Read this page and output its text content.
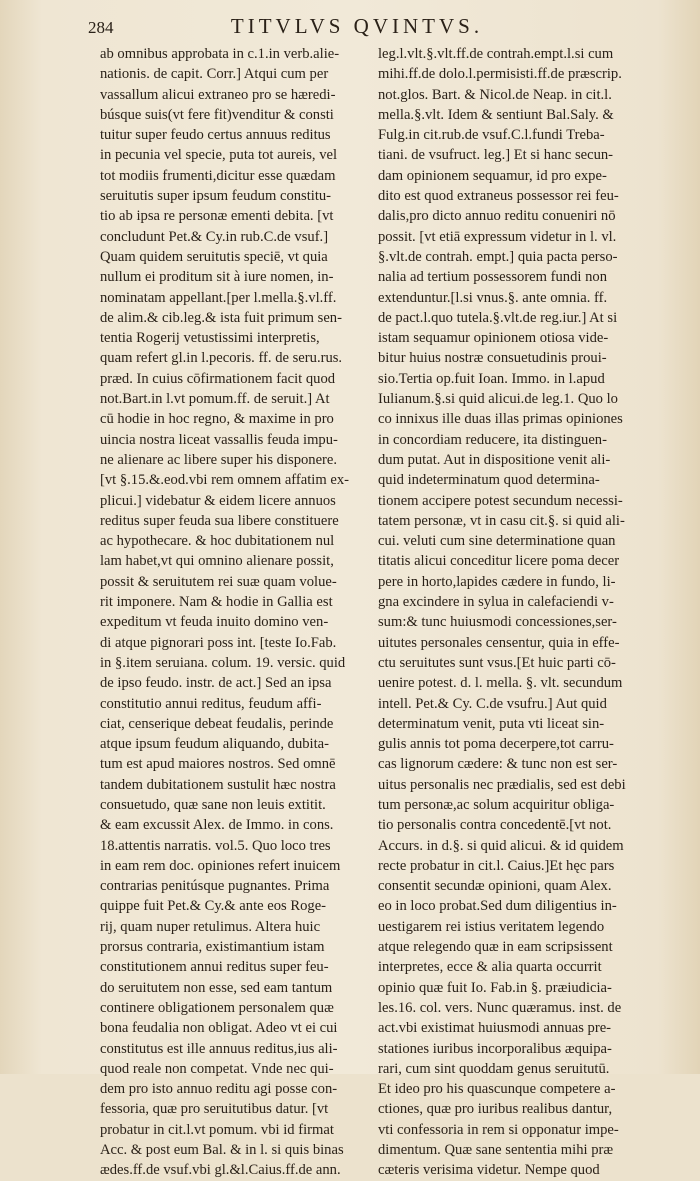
284	TITVLVS QVINTVS.
ab omnibus approbata in c.1.in verb.alie-
nationis. de capit. Corr.] Atqui cum per
vassallum alicui extraneo pro se hæredi-
búsque suis(vt fere fit)venditur & consti
tuitur super feudo certus annuus reditus
in pecunia vel specie, puta tot aureis, vel
tot modiis frumenti,dicitur esse quædam
seruitutis super ipsum feudum constitu-
tio ab ipsa re personæ ementi debita. [vt
concludunt Pet.& Cy.in rub.C.de vsuf.]
Quam quidem seruitutis speciē, vt quia
nullum ei proditum sit à iure nomen, in-
nominatam appellant.[per l.mella.§.vl.ff.
de alim.& cib.leg.& ista fuit primum sen-
tentia Rogerij vetustissimi interpretis,
quam refert gl.in l.pecoris. ff. de seru.rus.
præd. In cuius cōfirmationem facit quod
not.Bart.in l.vt pomum.ff. de seruit.] At
cū hodie in hoc regno, & maxime in pro
uincia nostra liceat vassallis feuda impu-
ne alienare ac libere super his disponere.
[vt §.15.&.eod.vbi rem omnem affatim ex-
plicui.] videbatur & eidem licere annuos
reditus super feuda sua libere constituere
ac hypothecare. & hoc dubitationem nul
lam habet,vt qui omnino alienare possit,
possit & seruitutem rei suæ quam volue-
rit imponere. Nam & hodie in Gallia est
expeditum vt feuda inuito domino ven-
di atque pignorari poss int. [teste Io.Fab.
in §.item seruiana. colum. 19. versic. quid
de ipso feudo. instr. de act.] Sed an ipsa
constitutio annui reditus, feudum affi-
ciat, censerique debeat feudalis, perinde
atque ipsum feudum aliquando, dubita-
tum est apud maiores nostros. Sed omnē
tandem dubitationem sustulit hæc nostra
consuetudo, quæ sane non leuis extitit.
& eam excussit Alex. de Immo. in cons.
18.attentis narratis. vol.5. Quo loco tres
in eam rem doc. opiniones refert inuicem
contrarias penitúsque pugnantes. Prima
quippe fuit Pet.& Cy.& ante eos Roge-
rij, quam nuper retulimus. Altera huic
prorsus contraria, existimantium istam
constitutionem annui reditus super feu-
do seruitutem non esse, sed eam tantum
continere obligationem personalem quæ
bona feudalia non obligat. Adeo vt ei cui
constitutus est ille annuus reditus,ius ali-
quod reale non competat. Vnde nec qui-
dem pro isto annuo reditu agi posse con-
fessoria, quæ pro seruitutibus datur. [vt
probatur in cit.l.vt pomum. vbi id firmat
Acc. & post eum Bal. & in l. si quis binas
ædes.ff.de vsuf.vbi gl.&l.Caius.ff.de ann.
leg.l.vlt.§.vlt.ff.de contrah.empt.l.si cum
mihi.ff.de dolo.l.permisisti.ff.de præscrip.
not.glos. Bart. & Nicol.de Neap. in cit.l.
mella.§.vlt. Idem & sentiunt Bal.Saly. &
Fulg.in cit.rub.de vsuf.C.l.fundi Treba-
tiani. de vsufruct. leg.] Et si hanc secun-
dam opinionem sequamur, id pro expe-
dito est quod extraneus possessor rei feu-
dalis,pro dicto annuo reditu conueniri nō
possit. [vt etiā expressum videtur in l. vl.
§.vlt.de contrah. empt.] quia pacta perso-
nalia ad tertium possessorem fundi non
extenduntur.[l.si vnus.§. ante omnia. ff.
de pact.l.quo tutela.§.vlt.de reg.iur.] At si
istam sequamur opinionem otiosa vide-
bitur huius nostræ consuetudinis proui-
sio.Tertia op.fuit Ioan. Immo. in l.apud
Iulianum.§.si quid alicui.de leg.1. Quo lo
co innixus ille duas illas primas opiniones
in concordiam reducere, ita distinguen-
dum putat. Aut in dispositione venit ali-
quid indeterminatum quod determina-
tionem accipere potest secundum necessi-
tatem personæ, vt in casu cit.§. si quid ali-
cui. veluti cum sine determinatione quan
titatis alicui conceditur licere poma decer
pere in horto,lapides cædere in fundo, li-
gna excindere in sylua in calefaciendi v-
sum:& tunc huiusmodi concessiones,ser-
uitutes personales censentur, quia in effe-
ctu seruitutes sunt vsus.[Et huic parti cō-
uenire potest. d. l. mella. §. vlt. secundum
intell. Pet.& Cy. C.de vsufru.] Aut quid
determinatum venit, puta vti liceat sin-
gulis annis tot poma decerpere,tot carru-
cas lignorum cædere: & tunc non est ser-
uitus personalis nec prædialis, sed est debi
tum personæ,ac solum acquiritur obliga-
tio personalis contra concedentē.[vt not.
Accurs. in d.§. si quid alicui. & id quidem
recte probatur in cit.l. Caius.]Et hęc pars
consentit secundæ opinioni, quam Alex.
eo in loco probat.Sed dum diligentius in-
uestigarem rei istius veritatem legendo
atque relegendo quæ in eam scripsissent
interpretes, ecce & alia quarta occurrit
opinio quæ fuit Io. Fab.in §. præiudicia-
les.16. col. vers. Nunc quæramus. inst. de
act.vbi existimat huiusmodi annuas pre-
stationes iuribus incorporalibus æquipa-
rari, cum sint quoddam genus seruitutū.
Et ideo pro his quascunque competere a-
ctiones, quæ pro iuribus realibus dantur,
vti confessoria in rem si opponatur impe-
dimentum. Quæ sane sententia mihi præ
cæteris verisima videtur. Nempe quod
